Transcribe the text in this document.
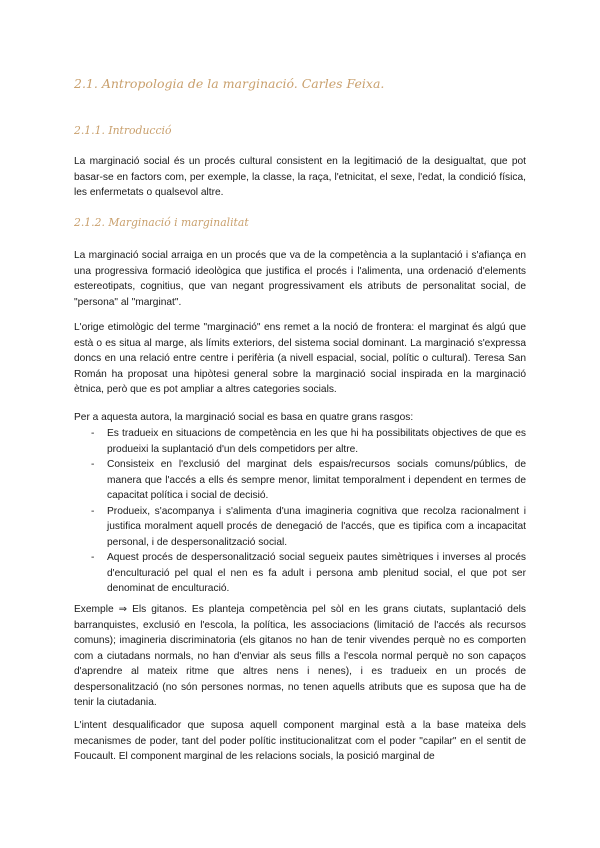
2.1. Antropologia de la marginació. Carles Feixa.
2.1.1. Introducció

La marginació social és un procés cultural consistent en la legitimació de la desigualtat, que pot basar-se en factors com, per exemple, la classe, la raça, l'etnicitat, el sexe, l'edat, la condició física, les enfermetats o qualsevol altre.

2.1.2. Marginació i marginalitat

La marginació social arraiga en un procés que va de la competència a la suplantació i s'afiança en una progressiva formació ideològica que justifica el procés i l'alimenta, una ordenació d'elements estereotipats, cognitius, que van negant progressivament els atributs de personalitat social, de "persona" al "marginat".

L'orige etimològic del terme "marginació" ens remet a la noció de frontera: el marginat és algú que està o es situa al marge, als límits exteriors, del sistema social dominant. La marginació s'expressa doncs en una relació entre centre i perifèria (a nivell espacial, social, polític o cultural). Teresa San Román ha proposat una hipòtesi general sobre la marginació social inspirada en la marginació ètnica, però que es pot ampliar a altres categories socials.

Per a aquesta autora, la marginació social es basa en quatre grans rasgos:

- Es tradueix en situacions de competència en les que hi ha possibilitats objectives de que es produeixi la suplantació d'un dels competidors per altre.
- Consisteix en l'exclusió del marginat dels espais/recursos socials comuns/públics, de manera que l'accés a ells és sempre menor, limitat temporalment i dependent en termes de capacitat política i social de decisió.
- Produeix, s'acompanya i s'alimenta d'una imagineria cognitiva que recolza racionalment i justifica moralment aquell procés de denegació de l'accés, que es tipifica com a incapacitat personal, i de despersonalització social.
- Aquest procés de despersonalització social segueix pautes simètriques i inverses al procés d'enculturació pel qual el nen es fa adult i persona amb plenitud social, el que pot ser denominat de enculturació.

Exemple ⇒ Els gitanos. Es planteja competència pel sòl en les grans ciutats, suplantació dels barranquistes, exclusió en l'escola, la política, les associacions (limitació de l'accés als recursos comuns); imagineria discriminatoria (els gitanos no han de tenir vivendes perquè no es comporten com a ciutadans normals, no han d'enviar als seus fills a l'escola normal perquè no son capaços d'aprendre al mateix ritme que altres nens i nenes), i es tradueix en un procés de despersonalització (no són persones normas, no tenen aquells atributs que es suposa que ha de tenir la ciutadania.

L'intent desqualificador que suposa aquell component marginal està a la base mateixa dels mecanismes de poder, tant del poder polític institucionalitzat com el poder "capilar" en el sentit de Foucault. El component marginal de les relacions socials, la posició marginal de
